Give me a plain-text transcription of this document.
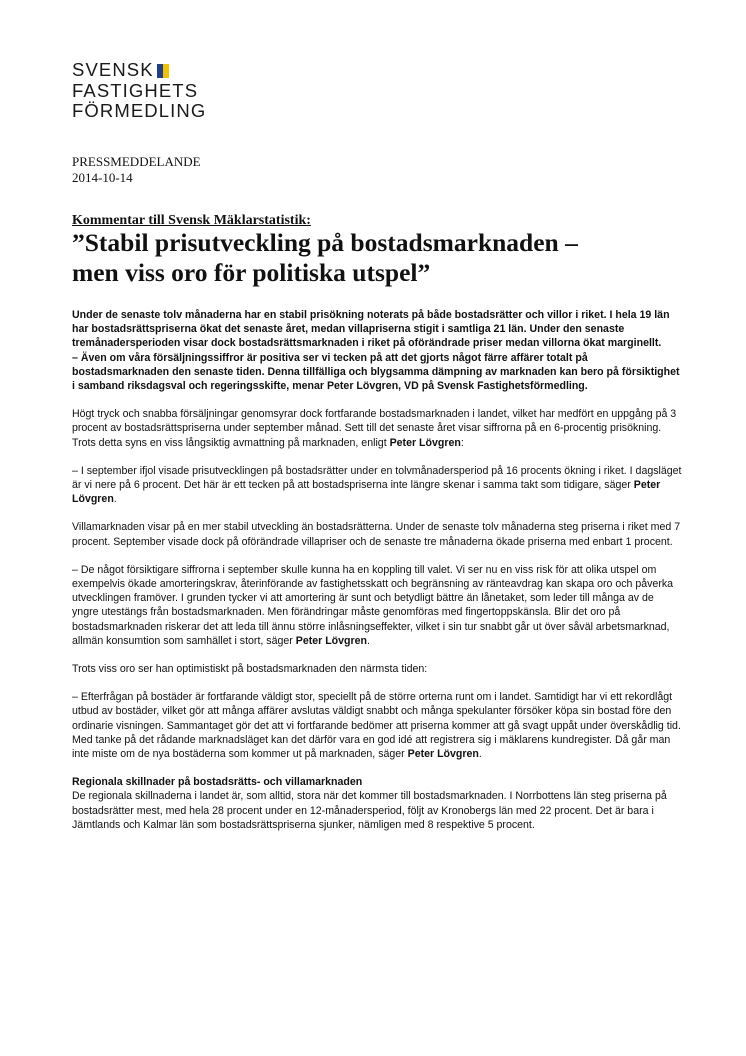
SVENSK
FASTIGHETS
FÖRMEDLING
PRESSMEDDELANDE
2014-10-14
Kommentar till Svensk Mäklarstatistik:
”Stabil prisutveckling på bostadsmarknaden –
men viss oro för politiska utspel”

Under de senaste tolv månaderna har en stabil prisökning noterats på både bostadsrätter och villor i riket. I hela 19 län har bostadsrättspriserna ökat det senaste året, medan villapriserna stigit i samtliga 21 län. Under den senaste tremånadersperioden visar dock bostadsrättsmarknaden i riket på oförändrade priser medan villorna ökat marginellt.

– Även om våra försäljningssiffror är positiva ser vi tecken på att det gjorts något färre affärer totalt på bostadsmarknaden den senaste tiden. Denna tillfälliga och blygsamma dämpning av marknaden kan bero på försiktighet i samband riksdagsval och regeringsskifte, menar Peter Lövgren, VD på Svensk Fastighetsförmedling.

Högt tryck och snabba försäljningar genomsyrar dock fortfarande bostadsmarknaden i landet, vilket har medfört en uppgång på 3 procent av bostadsrättspriserna under september månad. Sett till det senaste året visar siffrorna på en 6-procentig prisökning. Trots detta syns en viss långsiktig avmattning på marknaden, enligt Peter Lövgren:

– I september ifjol visade prisutvecklingen på bostadsrätter under en tolvmånadersperiod på 16 procents ökning i riket. I dagsläget är vi nere på 6 procent. Det här är ett tecken på att bostadspriserna inte längre skenar i samma takt som tidigare, säger Peter Lövgren.

Villamarknaden visar på en mer stabil utveckling än bostadsrätterna. Under de senaste tolv månaderna steg priserna i riket med 7 procent. September visade dock på oförändrade villapriser och de senaste tre månaderna ökade priserna med enbart 1 procent.

– De något försiktigare siffrorna i september skulle kunna ha en koppling till valet. Vi ser nu en viss risk för att olika utspel om exempelvis ökade amorteringskrav, återinförande av fastighetsskatt och begränsning av ränteavdrag kan skapa oro och påverka utvecklingen framöver. I grunden tycker vi att amortering är sunt och betydligt bättre än lånetaket, som leder till många av de yngre utestängs från bostadsmarknaden. Men förändringar måste genomföras med fingertoppskänsla. Blir det oro på bostadsmarknaden riskerar det att leda till ännu större inlåsningseffekter, vilket i sin tur snabbt går ut över såväl arbetsmarknad, allmän konsumtion som samhället i stort, säger Peter Lövgren.

Trots viss oro ser han optimistiskt på bostadsmarknaden den närmsta tiden:

– Efterfrågan på bostäder är fortfarande väldigt stor, speciellt på de större orterna runt om i landet. Samtidigt har vi ett rekordlågt utbud av bostäder, vilket gör att många affärer avslutas väldigt snabbt och många spekulanter försöker köpa sin bostad före den ordinarie visningen. Sammantaget gör det att vi fortfarande bedömer att priserna kommer att gå svagt uppåt under överskådlig tid. Med tanke på det rådande marknadsläget kan det därför vara en god idé att registrera sig i mäklarens kundregister. Då går man inte miste om de nya bostäderna som kommer ut på marknaden, säger Peter Lövgren.

Regionala skillnader på bostadsrätts- och villamarknaden

De regionala skillnaderna i landet är, som alltid, stora när det kommer till bostadsmarknaden. I Norrbottens län steg priserna på bostadsrätter mest, med hela 28 procent under en 12-månadersperiod, följt av Kronobergs län med 22 procent. Det är bara i Jämtlands och Kalmar län som bostadsrättspriserna sjunker, nämligen med 8 respektive 5 procent.
